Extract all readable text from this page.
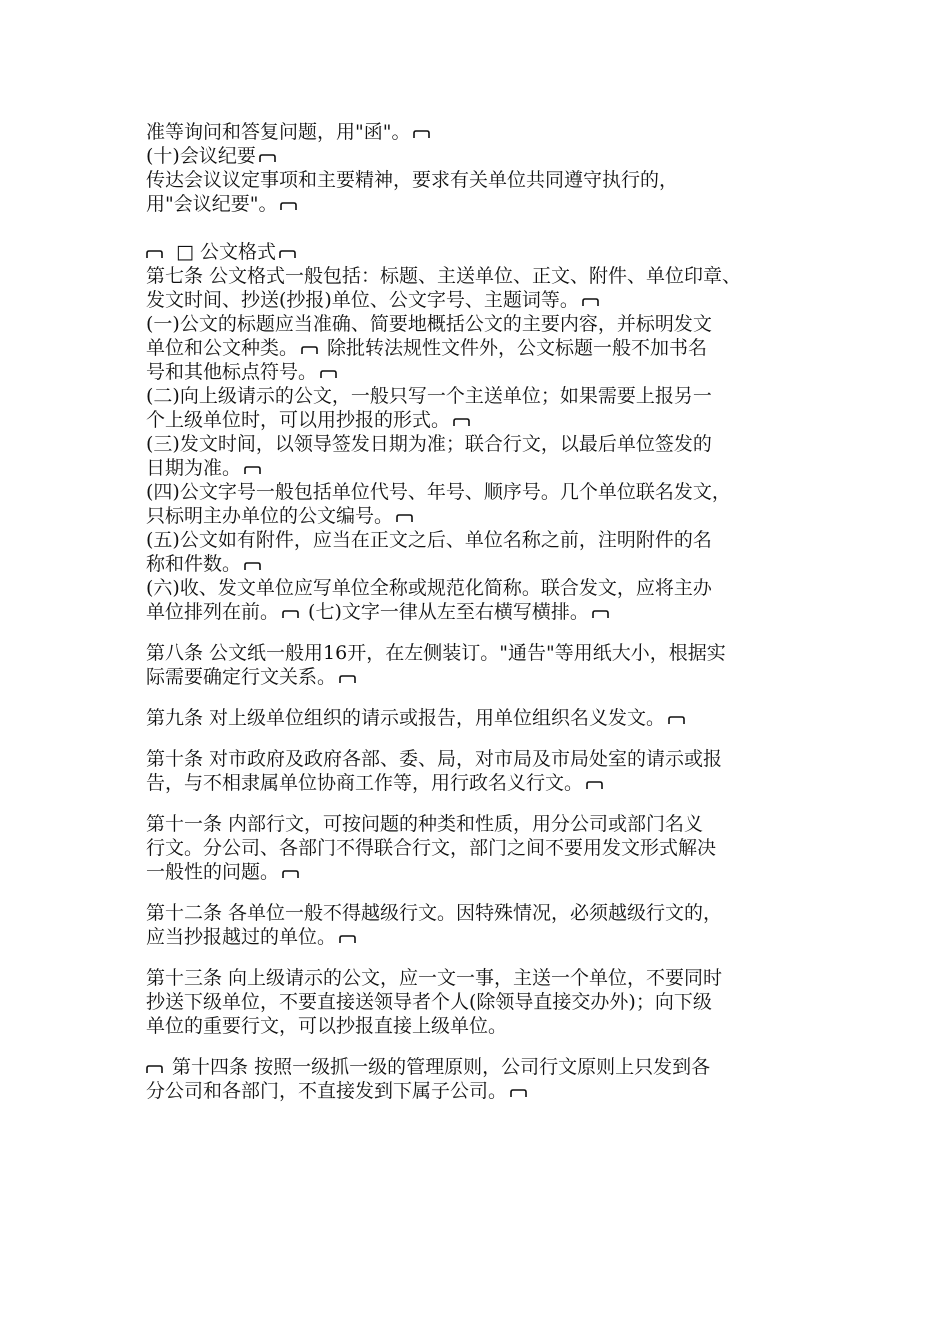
准等询问和答复问题，用"函"。
(十)会议纪要
传达会议议定事项和主要精神，要求有关单位共同遵守执行的，
用"会议纪要"。
□ 公文格式
第七条 公文格式一般包括：标题、主送单位、正文、附件、单位印章、
发文时间、抄送(抄报)单位、公文字号、主题词等。
(一)公文的标题应当准确、简要地概括公文的主要内容，并标明发文
单位和公文种类。
除批转法规性文件外，公文标题一般不加书名
号和其他标点符号。
(二)向上级请示的公文，一般只写一个主送单位；如果需要上报另一
个上级单位时，可以用抄报的形式。
(三)发文时间，以领导签发日期为准；联合行文，以最后单位签发的
日期为准。
(四)公文字号一般包括单位代号、年号、顺序号。几个单位联名发文，
只标明主办单位的公文编号。
(五)公文如有附件，应当在正文之后、单位名称之前，注明附件的名
称和件数。
(六)收、发文单位应写单位全称或规范化简称。联合发文，应将主办
单位排列在前。
(七)文字一律从左至右横写横排。
第八条 公文纸一般用16开，在左侧装订。"通告"等用纸大小，根据实
际需要确定行文关系。
第九条 对上级单位组织的请示或报告，用单位组织名义发文。
第十条 对市政府及政府各部、委、局，对市局及市局处室的请示或报
告，与不相隶属单位协商工作等，用行政名义行文。
第十一条 内部行文，可按问题的种类和性质，用分公司或部门名义
行文。分公司、各部门不得联合行文，部门之间不要用发文形式解决
一般性的问题。
第十二条 各单位一般不得越级行文。因特殊情况，必须越级行文的，
应当抄报越过的单位。
第十三条 向上级请示的公文，应一文一事，主送一个单位，不要同时
抄送下级单位，不要直接送领导者个人(除领导直接交办外)；向下级
单位的重要行文，可以抄报直接上级单位。
第十四条 按照一级抓一级的管理原则，公司行文原则上只发到各
分公司和各部门，不直接发到下属子公司。
